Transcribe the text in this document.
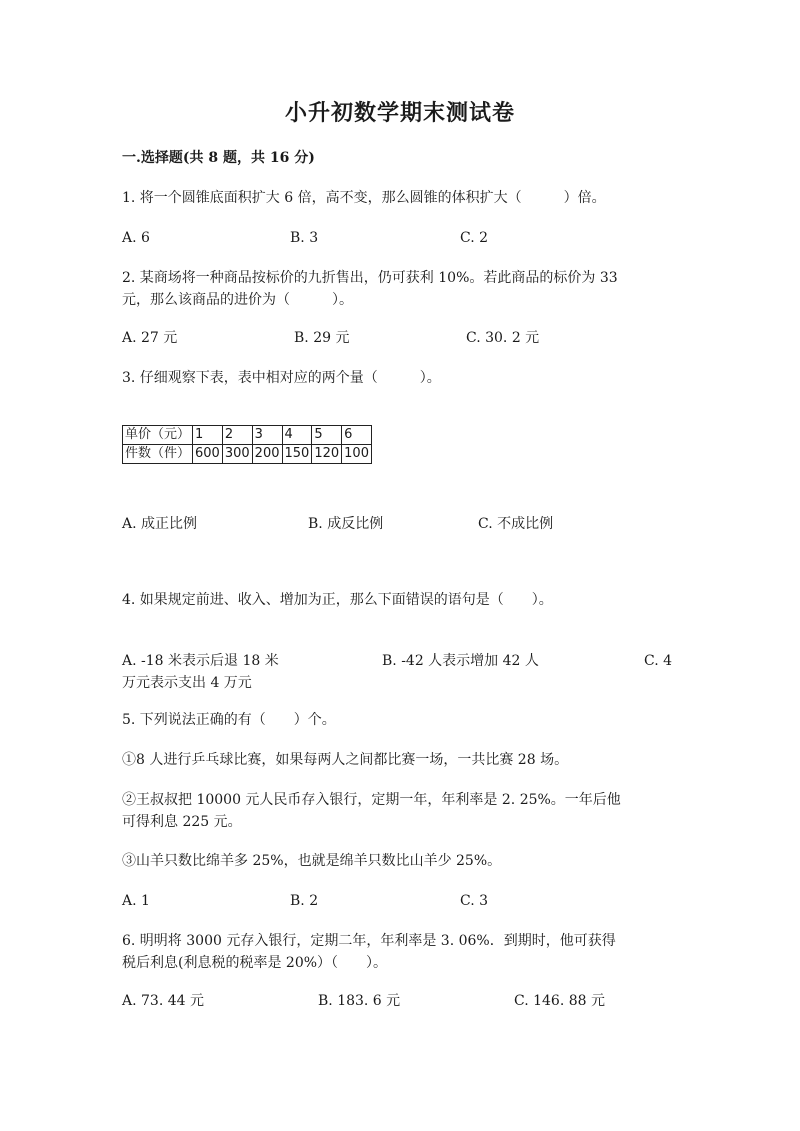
小升初数学期末测试卷
一.选择题(共 8 题，共 16 分)
1. 将一个圆锥底面积扩大 6 倍，高不变，那么圆锥的体积扩大（　　　）倍。
A. 6	B. 3	C. 2
2. 某商场将一种商品按标价的九折售出，仍可获利 10%。若此商品的标价为 33
元，那么该商品的进价为（　　　）。
A. 27 元	B. 29 元	C. 30. 2 元
3. 仔细观察下表，表中相对应的两个量（　　　）。
单价（元）	1	2	3	4	5	6
件数（件）	600	300	200	150	120	100
A. 成正比例	B. 成反比例	C. 不成比例
4. 如果规定前进、收入、增加为正，那么下面错误的语句是（　　）。
A. -18 米表示后退 18 米	B. -42 人表示增加 42 人	C. 4
万元表示支出 4 万元
5. 下列说法正确的有（　　）个。
①8 人进行乒乓球比赛，如果每两人之间都比赛一场，一共比赛 28 场。
②王叔叔把 10000 元人民币存入银行，定期一年，年利率是 2. 25%。一年后他
可得利息 225 元。
③山羊只数比绵羊多 25%，也就是绵羊只数比山羊少 25%。
A. 1	B. 2	C. 3
6. 明明将 3000 元存入银行，定期二年，年利率是 3. 06%．到期时，他可获得
税后利息(利息税的税率是 20%）（　　）。
A. 73. 44 元	B. 183. 6 元	C. 146. 88 元
